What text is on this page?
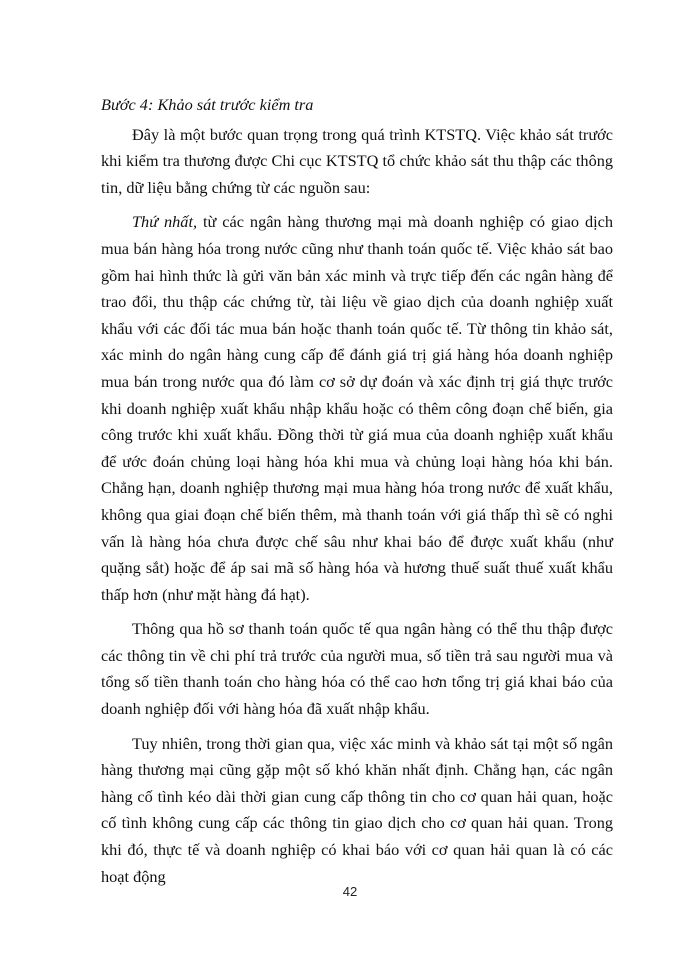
Bước 4: Khảo sát trước kiểm tra

Đây là một bước quan trọng trong quá trình KTSTQ. Việc khảo sát trước khi kiểm tra thương được Chi cục KTSTQ tổ chức khảo sát thu thập các thông tin, dữ liệu bằng chứng từ các nguồn sau:

Thứ nhất, từ các ngân hàng thương mại mà doanh nghiệp có giao dịch mua bán hàng hóa trong nước cũng như thanh toán quốc tế. Việc khảo sát bao gồm hai hình thức là gửi văn bản xác minh và trực tiếp đến các ngân hàng để trao đổi, thu thập các chứng từ, tài liệu về giao dịch của doanh nghiệp xuất khẩu với các đối tác mua bán hoặc thanh toán quốc tế. Từ thông tin khảo sát, xác minh do ngân hàng cung cấp để đánh giá trị giá hàng hóa doanh nghiệp mua bán trong nước qua đó làm cơ sở dự đoán và xác định trị giá thực trước khi doanh nghiệp xuất khẩu nhập khẩu hoặc có thêm công đoạn chế biến, gia công trước khi xuất khẩu. Đồng thời từ giá mua của doanh nghiệp xuất khẩu để ước đoán chủng loại hàng hóa khi mua và chủng loại hàng hóa khi bán. Chẳng hạn, doanh nghiệp thương mại mua hàng hóa trong nước để xuất khẩu, không qua giai đoạn chế biến thêm, mà thanh toán với giá thấp thì sẽ có nghi vấn là hàng hóa chưa được chế sâu như khai báo để được xuất khẩu (như quặng sắt) hoặc để áp sai mã số hàng hóa và hương thuế suất thuế xuất khẩu thấp hơn (như mặt hàng đá hạt).

Thông qua hồ sơ thanh toán quốc tế qua ngân hàng có thể thu thập được các thông tin về chi phí trả trước của người mua, số tiền trả sau người mua và tổng số tiền thanh toán cho hàng hóa có thể cao hơn tổng trị giá khai báo của doanh nghiệp đối với hàng hóa đã xuất nhập khẩu.

Tuy nhiên, trong thời gian qua, việc xác minh và khảo sát tại một số ngân hàng thương mại cũng gặp một số khó khăn nhất định. Chẳng hạn, các ngân hàng cố tình kéo dài thời gian cung cấp thông tin cho cơ quan hải quan, hoặc cố tình không cung cấp các thông tin giao dịch cho cơ quan hải quan. Trong khi đó, thực tế và doanh nghiệp có khai báo với cơ quan hải quan là có các hoạt động

42
